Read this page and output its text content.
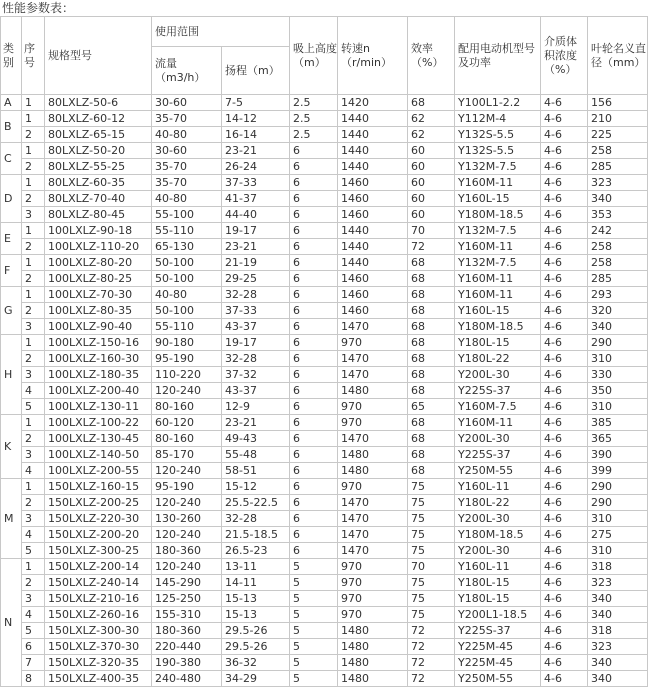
性能参数表：
类别	序号	规格型号	使用范围		吸上高度（m）	转速n（r/min）	效率（%）	配用电动机型号及功率	介质体积浓度（%）	叶轮名义直径（mm）
			流量（m3/h）	扬程（m）						
A	1	80LXLZ-50-6	30-60	7-5	2.5	1420	68	Y100L1-2.2	4-6	156
B	1	80LXLZ-60-12	35-70	14-12	2.5	1440	62	Y112M-4	4-6	210
	2	80LXLZ-65-15	40-80	16-14	2.5	1440	62	Y132S-5.5	4-6	225
C	1	80LXLZ-50-20	30-60	23-21	6	1440	60	Y132S-5.5	4-6	258
	2	80LXLZ-55-25	35-70	26-24	6	1440	60	Y132M-7.5	4-6	285
D	1	80LXLZ-60-35	35-70	37-33	6	1460	60	Y160M-11	4-6	323
	2	80LXLZ-70-40	40-80	41-37	6	1460	60	Y160L-15	4-6	340
	3	80LXLZ-80-45	55-100	44-40	6	1460	60	Y180M-18.5	4-6	353
E	1	100LXLZ-90-18	55-110	19-17	6	1440	70	Y132M-7.5	4-6	242
	2	100LXLZ-110-20	65-130	23-21	6	1440	72	Y160M-11	4-6	258
F	1	100LXLZ-80-20	50-100	21-19	6	1440	68	Y132M-7.5	4-6	258
	2	100LXLZ-80-25	50-100	29-25	6	1460	68	Y160M-11	4-6	285
G	1	100LXLZ-70-30	40-80	32-28	6	1460	68	Y160M-11	4-6	293
	2	100LXLZ-80-35	50-100	37-33	6	1460	68	Y160L-15	4-6	320
	3	100LXLZ-90-40	55-110	43-37	6	1470	68	Y180M-18.5	4-6	340
H	1	100LXLZ-150-16	90-180	19-17	6	970	68	Y180L-15	4-6	290
	2	100LXLZ-160-30	95-190	32-28	6	1470	68	Y180L-22	4-6	310
	3	100LXLZ-180-35	110-220	37-32	6	1470	68	Y200L-30	4-6	330
	4	100LXLZ-200-40	120-240	43-37	6	1480	68	Y225S-37	4-6	350
	5	100LXLZ-130-11	80-160	12-9	6	970	65	Y160M-7.5	4-6	310
K	1	100LXLZ-100-22	60-120	23-21	6	970	68	Y160M-11	4-6	385
	2	100LXLZ-130-45	80-160	49-43	6	1470	68	Y200L-30	4-6	365
	3	100LXLZ-140-50	85-170	55-48	6	1480	68	Y225S-37	4-6	390
	4	100LXLZ-200-55	120-240	58-51	6	1480	68	Y250M-55	4-6	399
M	1	150LXLZ-160-15	95-190	15-12	6	970	75	Y160L-11	4-6	290
	2	150LXLZ-200-25	120-240	25.5-22.5	6	1470	75	Y180L-22	4-6	290
	3	150LXLZ-220-30	130-260	32-28	6	1470	75	Y200L-30	4-6	310
	4	150LXLZ-200-20	120-240	21.5-18.5	6	1470	75	Y180M-18.5	4-6	275
	5	150LXLZ-300-25	180-360	26.5-23	6	1470	75	Y200L-30	4-6	310
N	1	150LXLZ-200-14	120-240	13-11	5	970	70	Y160L-11	4-6	318
	2	150LXLZ-240-14	145-290	14-11	5	970	75	Y180L-15	4-6	323
	3	150LXLZ-210-16	125-250	15-13	5	970	75	Y180L-15	4-6	340
	4	150LXLZ-260-16	155-310	15-13	5	970	75	Y200L1-18.5	4-6	340
	5	150LXLZ-300-30	180-360	29.5-26	5	1480	72	Y225S-37	4-6	318
	6	150LXLZ-370-30	220-440	29.5-26	5	1480	72	Y225M-45	4-6	323
	7	150LXLZ-320-35	190-380	36-32	5	1480	72	Y225M-45	4-6	340
	8	150LXLZ-400-35	240-480	34-29	5	1480	72	Y250M-55	4-6	340
